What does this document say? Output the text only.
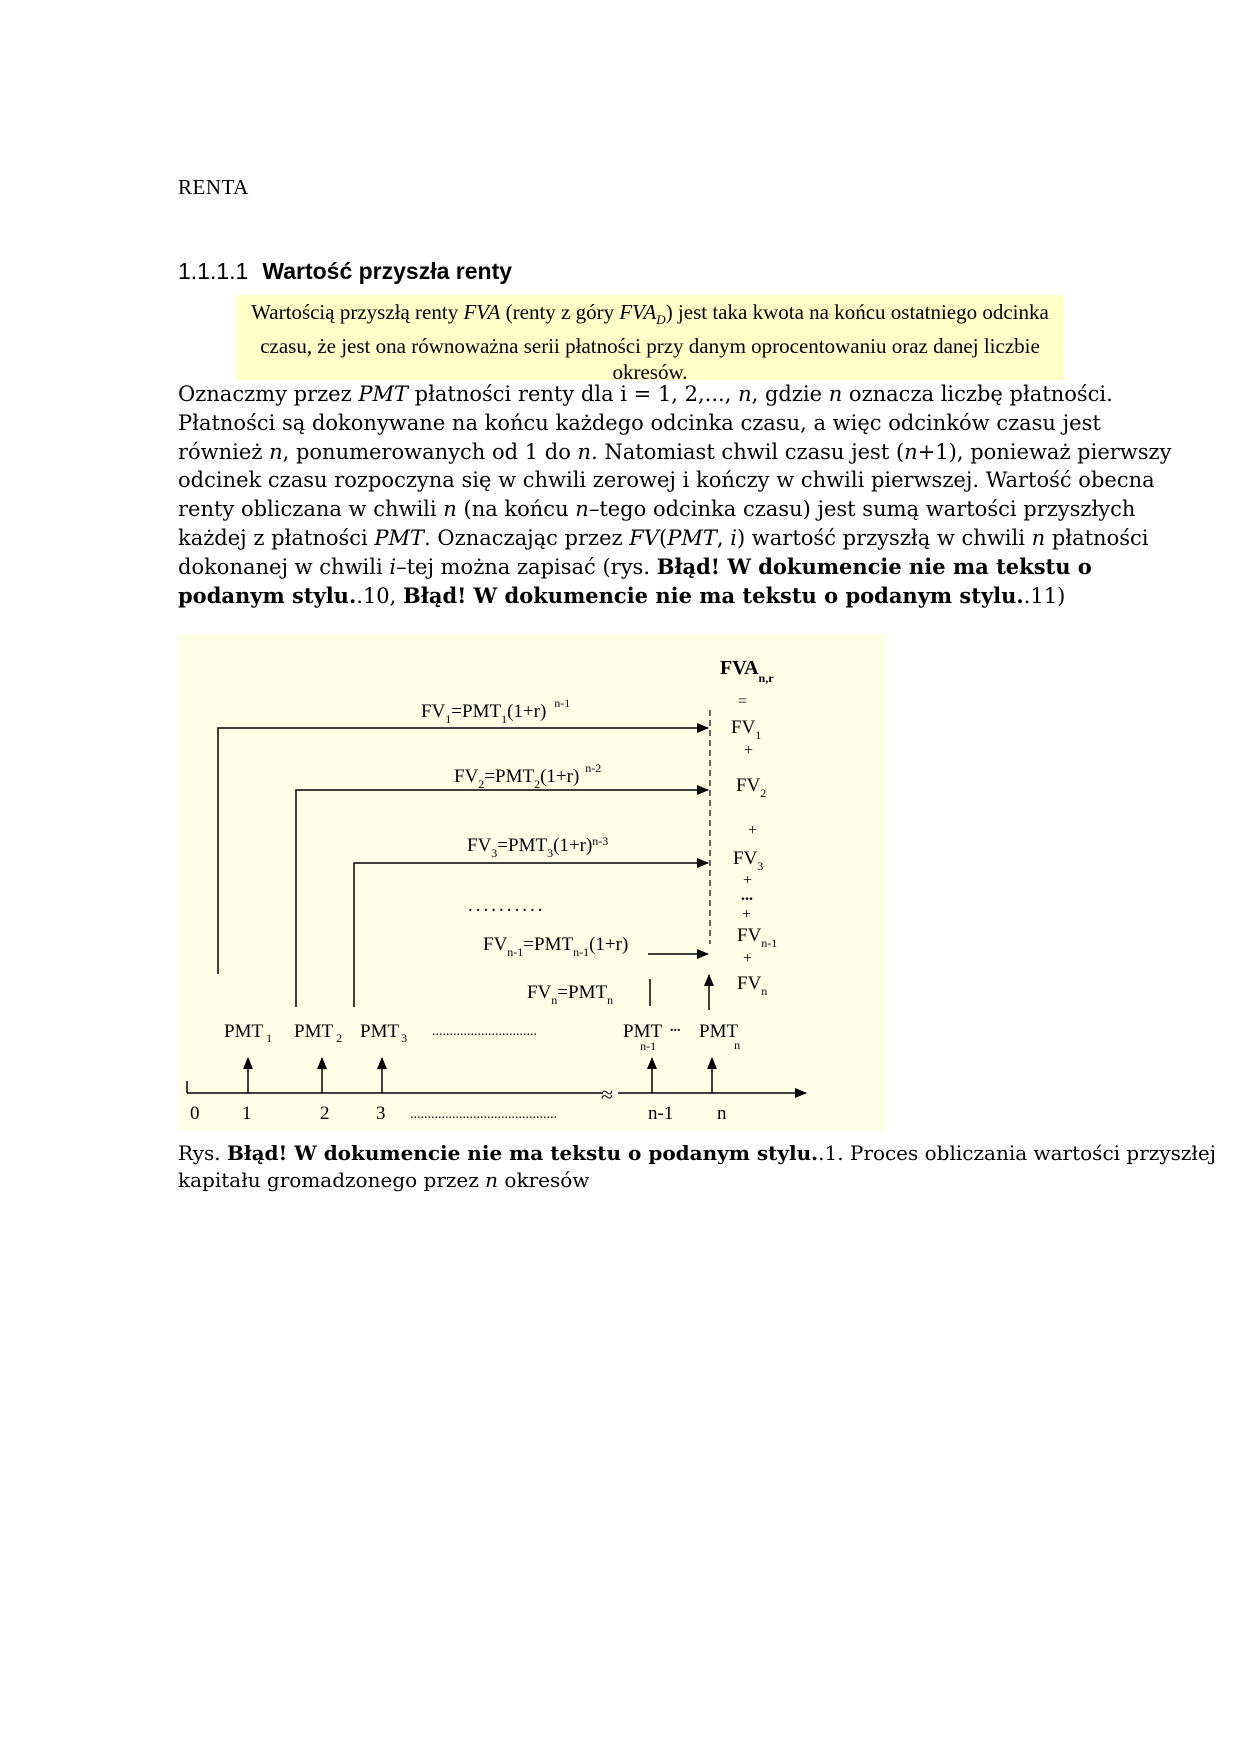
RENTA
1.1.1.1 Wartość przyszła renty
Wartością przyszłą renty FVA (renty z góry $FVA_D$) jest taka kwota na końcu ostatniego odcinka czasu, że jest ona równoważna serii płatności przy danym oprocentowaniu oraz danej liczbie okresów.

Oznaczmy przez PMT płatności renty dla i = 1, 2,..., n, gdzie n oznacza liczbę płatności.

Płatności są dokonywane na końcu każdego odcinka czasu, a więc odcinków czasu jest

również n, ponumerowanych od 1 do n. Natomiast chwil czasu jest (n+1), ponieważ pierwszy

odcinek czasu rozpoczyna się w chwili zerowej i kończy w chwili pierwszej. Wartość obecna

renty obliczana w chwili n (na końcu n–tego odcinka czasu) jest sumą wartości przyszłych

każdej z płatności PMT. Oznaczając przez FV(PMT, i) wartość przyszłą w chwili n płatności

dokonanej w chwili i–tej można zapisać (rys. Błąd! W dokumencie nie ma tekstu o

podanym stylu..10, Błąd! W dokumencie nie ma tekstu o podanym stylu..11)

$FVA_{n,r}$
=
$FV_1$
+
$FV_2$
+
$FV_3$
+
...
+
$FV_{n-1}$
+
$FV_n$
$FV_1=PMT_1(1+r)$ $^{n-1}$
$FV_2=PMT_2(1+r)$ $^{n-2}$
$FV_3=PMT_3(1+r)^{n-3}$
..........
$FV_{n-1}=PMT_{n-1}(1+r)$
$FV_n=PMT_n$
PMT $_1$ PMT $_2$ PMT $_3$ ..............................	PMT n-1
... PMT n
≈
0 1	2 3 ..........................................	n-1 n
Rys. Błąd! W dokumencie nie ma tekstu o podanym stylu..1. Proces obliczania wartości przyszłej
kapitału gromadzonego przez n okresów
